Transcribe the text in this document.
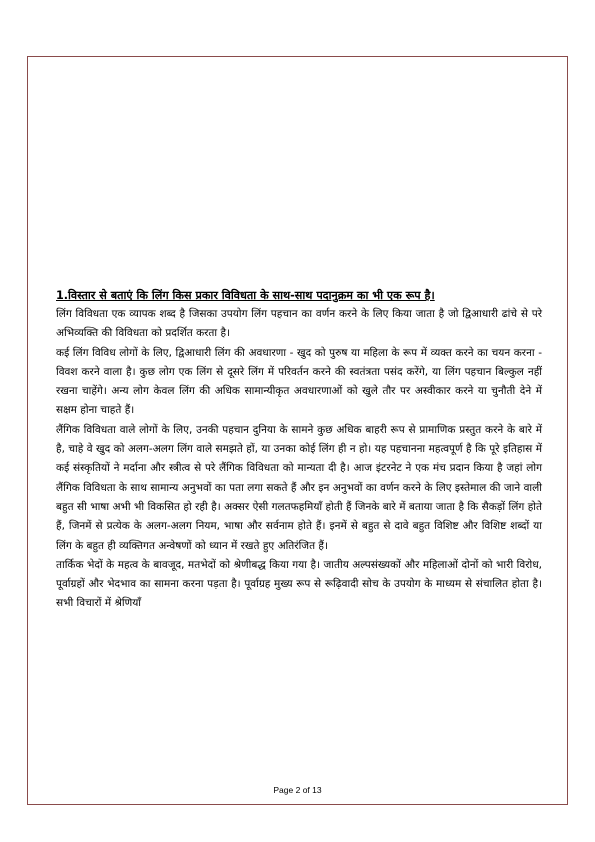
1.विस्तार से बताएं कि लिंग किस प्रकार विविधता के साथ-साथ पदानुक्रम का भी एक रूप है।

लिंग विविधता एक व्यापक शब्द है जिसका उपयोग लिंग पहचान का वर्णन करने के लिए किया जाता है जो द्विआधारी ढांचे से परे अभिव्यक्ति की विविधता को प्रदर्शित करता है।

कई लिंग विविध लोगों के लिए, द्विआधारी लिंग की अवधारणा - खुद को पुरुष या महिला के रूप में व्यक्त करने का चयन करना - विवश करने वाला है। कुछ लोग एक लिंग से दूसरे लिंग में परिवर्तन करने की स्वतंत्रता पसंद करेंगे, या लिंग पहचान बिल्कुल नहीं रखना चाहेंगे। अन्य लोग केवल लिंग की अधिक सामान्यीकृत अवधारणाओं को खुले तौर पर अस्वीकार करने या चुनौती देने में सक्षम होना चाहते हैं।

लैंगिक विविधता वाले लोगों के लिए, उनकी पहचान दुनिया के सामने कुछ अधिक बाहरी रूप से प्रामाणिक प्रस्तुत करने के बारे में है, चाहे वे खुद को अलग-अलग लिंग वाले समझते हों, या उनका कोई लिंग ही न हो। यह पहचानना महत्वपूर्ण है कि पूरे इतिहास में कई संस्कृतियों ने मर्दाना और स्त्रीत्व से परे लैंगिक विविधता को मान्यता दी है। आज इंटरनेट ने एक मंच प्रदान किया है जहां लोग लैंगिक विविधता के साथ सामान्य अनुभवों का पता लगा सकते हैं और इन अनुभवों का वर्णन करने के लिए इस्तेमाल की जाने वाली बहुत सी भाषा अभी भी विकसित हो रही है। अक्सर ऐसी गलतफहमियाँ होती हैं जिनके बारे में बताया जाता है कि सैकड़ों लिंग होते हैं, जिनमें से प्रत्येक के अलग-अलग नियम, भाषा और सर्वनाम होते हैं। इनमें से बहुत से दावे बहुत विशिष्ट और विशिष्ट शब्दों या लिंग के बहुत ही व्यक्तिगत अन्वेषणों को ध्यान में रखते हुए अतिरंजित हैं।

तार्किक भेदों के महत्व के बावजूद, मतभेदों को श्रेणीबद्ध किया गया है। जातीय अल्पसंख्यकों और महिलाओं दोनों को भारी विरोध, पूर्वाग्रहों और भेदभाव का सामना करना पड़ता है। पूर्वाग्रह मुख्य रूप से रूढ़िवादी सोच के उपयोग के माध्यम से संचालित होता है। सभी विचारों में श्रेणियाँ

Page 2 of 13
